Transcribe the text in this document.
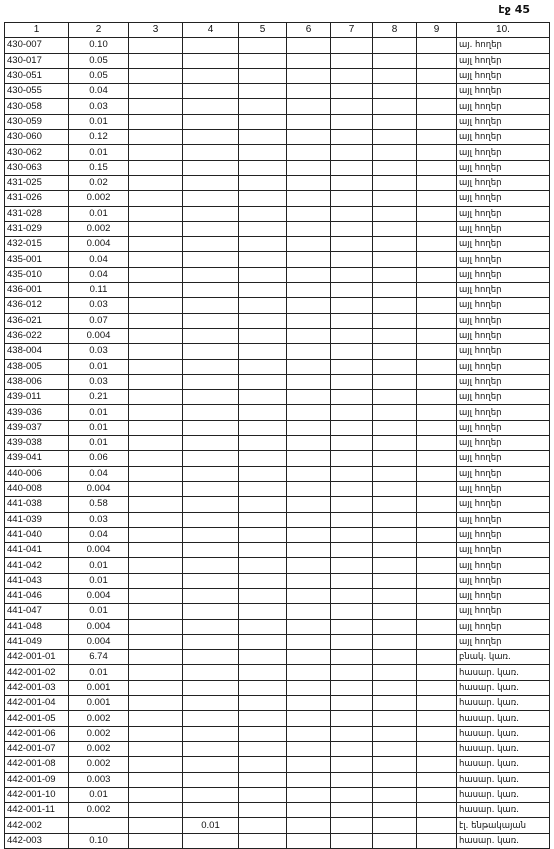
էջ 45
1	2	3	4	5	6	7	8	9	10.
430-007	0.10								այ. հողեր
430-017	0.05								այլ հողեր
430-051	0.05								այլ հողեր
430-055	0.04								այլ հողեր
430-058	0.03								այլ հողեր
430-059	0.01								այլ հողեր
430-060	0.12								այլ հողեր
430-062	0.01								այլ հողեր
430-063	0.15								այլ հողեր
431-025	0.02								այլ հողեր
431-026	0.002								այլ հողեր
431-028	0.01								այլ հողեր
431-029	0.002								այլ հողեր
432-015	0.004								այլ հողեր
435-001	0.04								այլ հողեր
435-010	0.04								այլ հողեր
436-001	0.11								այլ հողեր
436-012	0.03								այլ հողեր
436-021	0.07								այլ հողեր
436-022	0.004								այլ հողեր
438-004	0.03								այլ հողեր
438-005	0.01								այլ հողեր
438-006	0.03								այլ հողեր
439-011	0.21								այլ հողեր
439-036	0.01								այլ հողեր
439-037	0.01								այլ հողեր
439-038	0.01								այլ հողեր
439-041	0.06								այլ հողեր
440-006	0.04								այլ հողեր
440-008	0.004								այլ հողեր
441-038	0.58								այլ հողեր
441-039	0.03								այլ հողեր
441-040	0.04								այլ հողեր
441-041	0.004								այլ հողեր
441-042	0.01								այլ հողեր
441-043	0.01								այլ հողեր
441-046	0.004								այլ հողեր
441-047	0.01								այլ հողեր
441-048	0.004								այլ հողեր
441-049	0.004								այլ հողեր
442-001-01	6.74								բնակ. կառ.
442-001-02	0.01								հասար. կառ.
442-001-03	0.001								հասար. կառ.
442-001-04	0.001								հասար. կառ.
442-001-05	0.002								հասար. կառ.
442-001-06	0.002								հասար. կառ.
442-001-07	0.002								հասար. կառ.
442-001-08	0.002								հասար. կառ.
442-001-09	0.003								հասար. կառ.
442-001-10	0.01								հասար. կառ.
442-001-11	0.002								հասար. կառ.
442-002			0.01						էլ. ենթակայան
442-003	0.10								հասար. կառ.
